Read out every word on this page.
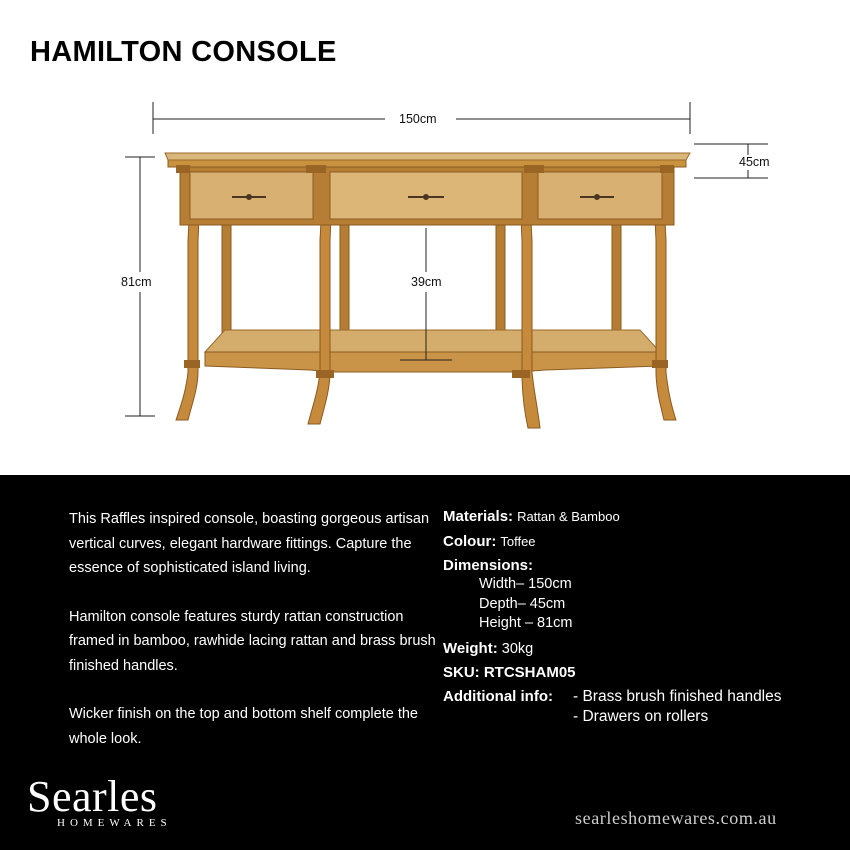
HAMILTON CONSOLE
150cm
45cm
81cm	39cm

This Raffles inspired console, boasting gorgeous artisan vertical curves, elegant hardware fittings. Capture the essence of sophisticated island living.

Hamilton console features sturdy rattan construction framed in bamboo, rawhide lacing rattan and brass brush finished handles.

Wicker finish on the top and bottom shelf complete the whole look.

Materials: Rattan & Bamboo
Colour: Toffee
Dimensions:
Width– 150cm
Depth– 45cm
Height – 81cm
Weight: 30kg
SKU: RTCSHAM05
Additional info: - Brass brush finished handles
- Drawers on rollers
Searles
HOMEWARES	searleshomewares.com.au
